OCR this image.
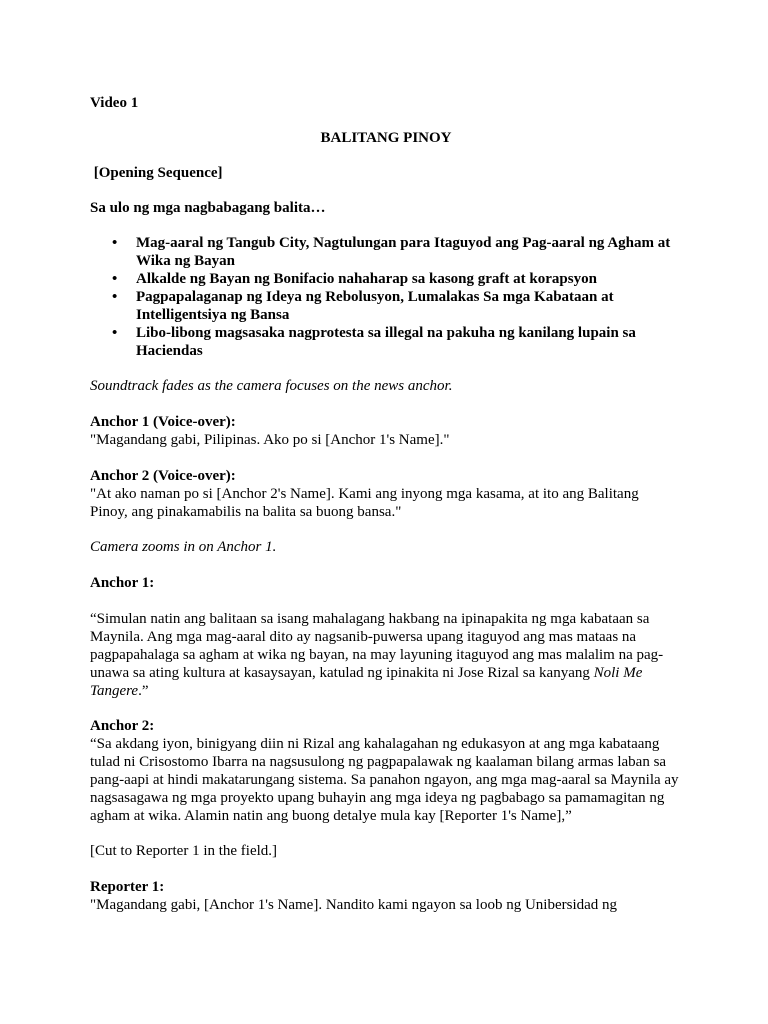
Video 1

BALITANG PINOY

[Opening Sequence]

Sa ulo ng mga nagbabagang balita…

• Mag-aaral ng Tangub City, Nagtulungan para Itaguyod ang Pag-aaral ng Agham at Wika ng Bayan
• Alkalde ng Bayan ng Bonifacio nahaharap sa kasong graft at korapsyon
• Pagpapalaganap ng Ideya ng Rebolusyon, Lumalakas Sa mga Kabataan at Intelligentsiya ng Bansa
• Libo-libong magsasaka nagprotesta sa illegal na pakuha ng kanilang lupain sa Haciendas

Soundtrack fades as the camera focuses on the news anchor.

Anchor 1 (Voice-over):

"Magandang gabi, Pilipinas. Ako po si [Anchor 1's Name]."

Anchor 2 (Voice-over):

"At ako naman po si [Anchor 2's Name]. Kami ang inyong mga kasama, at ito ang Balitang Pinoy, ang pinakamabilis na balita sa buong bansa."

Camera zooms in on Anchor 1.

Anchor 1:

“Simulan natin ang balitaan sa isang mahalagang hakbang na ipinapakita ng mga kabataan sa Maynila. Ang mga mag-aaral dito ay nagsanib-puwersa upang itaguyod ang mas mataas na pagpapahalaga sa agham at wika ng bayan, na may layuning itaguyod ang mas malalim na pag-unawa sa ating kultura at kasaysayan, katulad ng ipinakita ni Jose Rizal sa kanyang Noli Me Tangere.”

Anchor 2:

“Sa akdang iyon, binigyang diin ni Rizal ang kahalagahan ng edukasyon at ang mga kabataang tulad ni Crisostomo Ibarra na nagsusulong ng pagpapalawak ng kaalaman bilang armas laban sa pang-aapi at hindi makatarungang sistema. Sa panahon ngayon, ang mga mag-aaral sa Maynila ay nagsasagawa ng mga proyekto upang buhayin ang mga ideya ng pagbabago sa pamamagitan ng agham at wika. Alamin natin ang buong detalye mula kay [Reporter 1's Name],”

[Cut to Reporter 1 in the field.]

Reporter 1:

"Magandang gabi, [Anchor 1's Name]. Nandito kami ngayon sa loob ng Unibersidad ng
